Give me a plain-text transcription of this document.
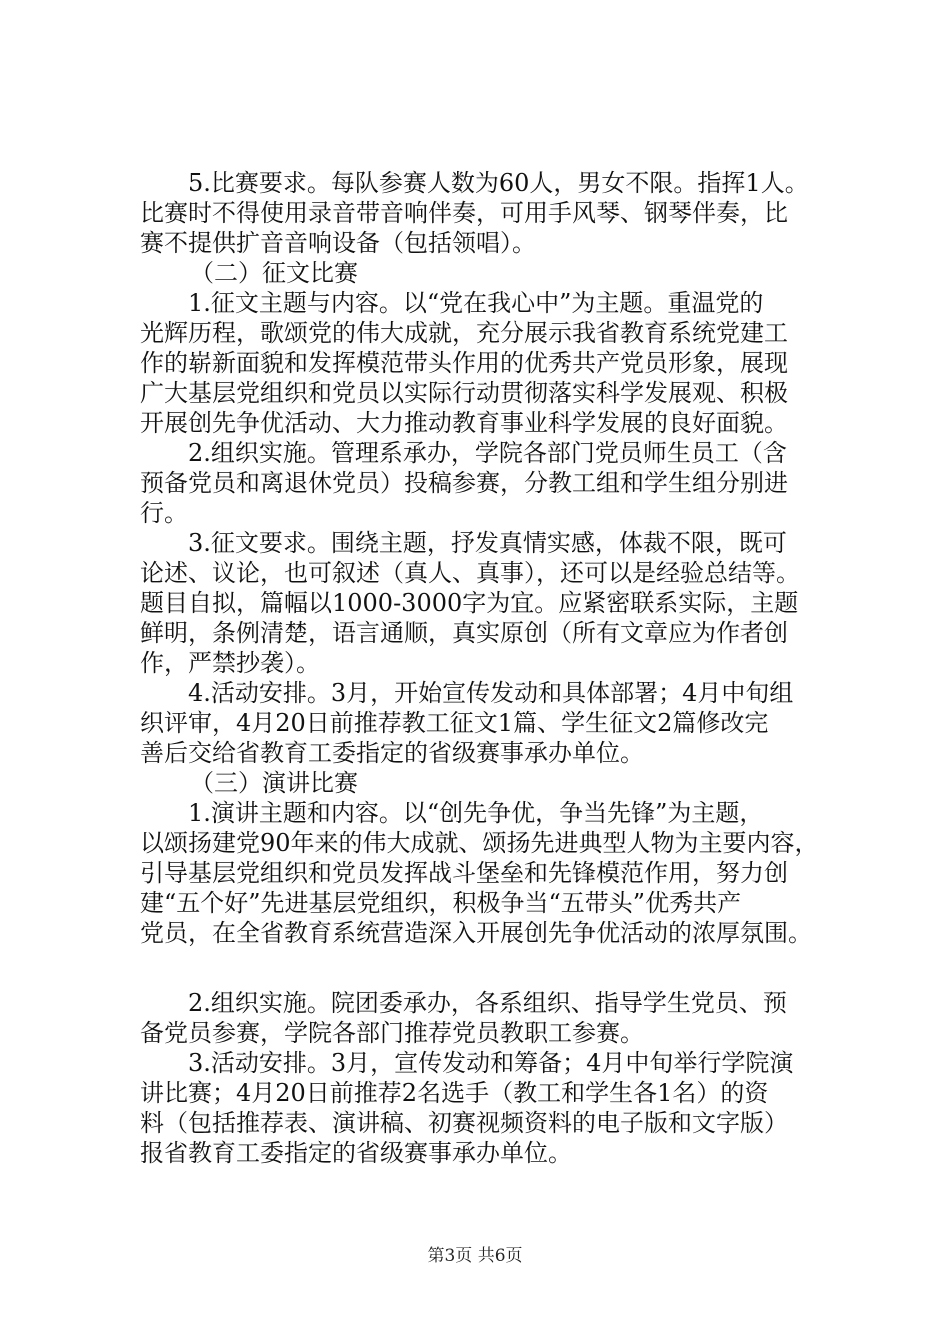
5.比赛要求。每队参赛人数为60人，男女不限。指挥1人。
比赛时不得使用录音带音响伴奏，可用手风琴、钢琴伴奏，比
赛不提供扩音音响设备（包括领唱）。
（二）征文比赛
1.征文主题与内容。以“党在我心中”为主题。重温党的
光辉历程，歌颂党的伟大成就，充分展示我省教育系统党建工
作的崭新面貌和发挥模范带头作用的优秀共产党员形象，展现
广大基层党组织和党员以实际行动贯彻落实科学发展观、积极
开展创先争优活动、大力推动教育事业科学发展的良好面貌。
2.组织实施。管理系承办，学院各部门党员师生员工（含
预备党员和离退休党员）投稿参赛，分教工组和学生组分别进
行。
3.征文要求。围绕主题，抒发真情实感，体裁不限，既可
论述、议论，也可叙述（真人、真事），还可以是经验总结等。
题目自拟，篇幅以1000-3000字为宜。应紧密联系实际，主题
鲜明，条例清楚，语言通顺，真实原创（所有文章应为作者创
作，严禁抄袭）。
4.活动安排。3月，开始宣传发动和具体部署；4月中旬组
织评审，4月20日前推荐教工征文1篇、学生征文2篇修改完
善后交给省教育工委指定的省级赛事承办单位。
（三）演讲比赛
1.演讲主题和内容。以“创先争优，争当先锋”为主题，
以颂扬建党90年来的伟大成就、颂扬先进典型人物为主要内容，
引导基层党组织和党员发挥战斗堡垒和先锋模范作用，努力创
建“五个好”先进基层党组织，积极争当“五带头”优秀共产
党员，在全省教育系统营造深入开展创先争优活动的浓厚氛围。
2.组织实施。院团委承办，各系组织、指导学生党员、预
备党员参赛，学院各部门推荐党员教职工参赛。
3.活动安排。3月，宣传发动和筹备；4月中旬举行学院演
讲比赛；4月20日前推荐2名选手（教工和学生各1名）的资
料（包括推荐表、演讲稿、初赛视频资料的电子版和文字版）
报省教育工委指定的省级赛事承办单位。
第3页 共6页
